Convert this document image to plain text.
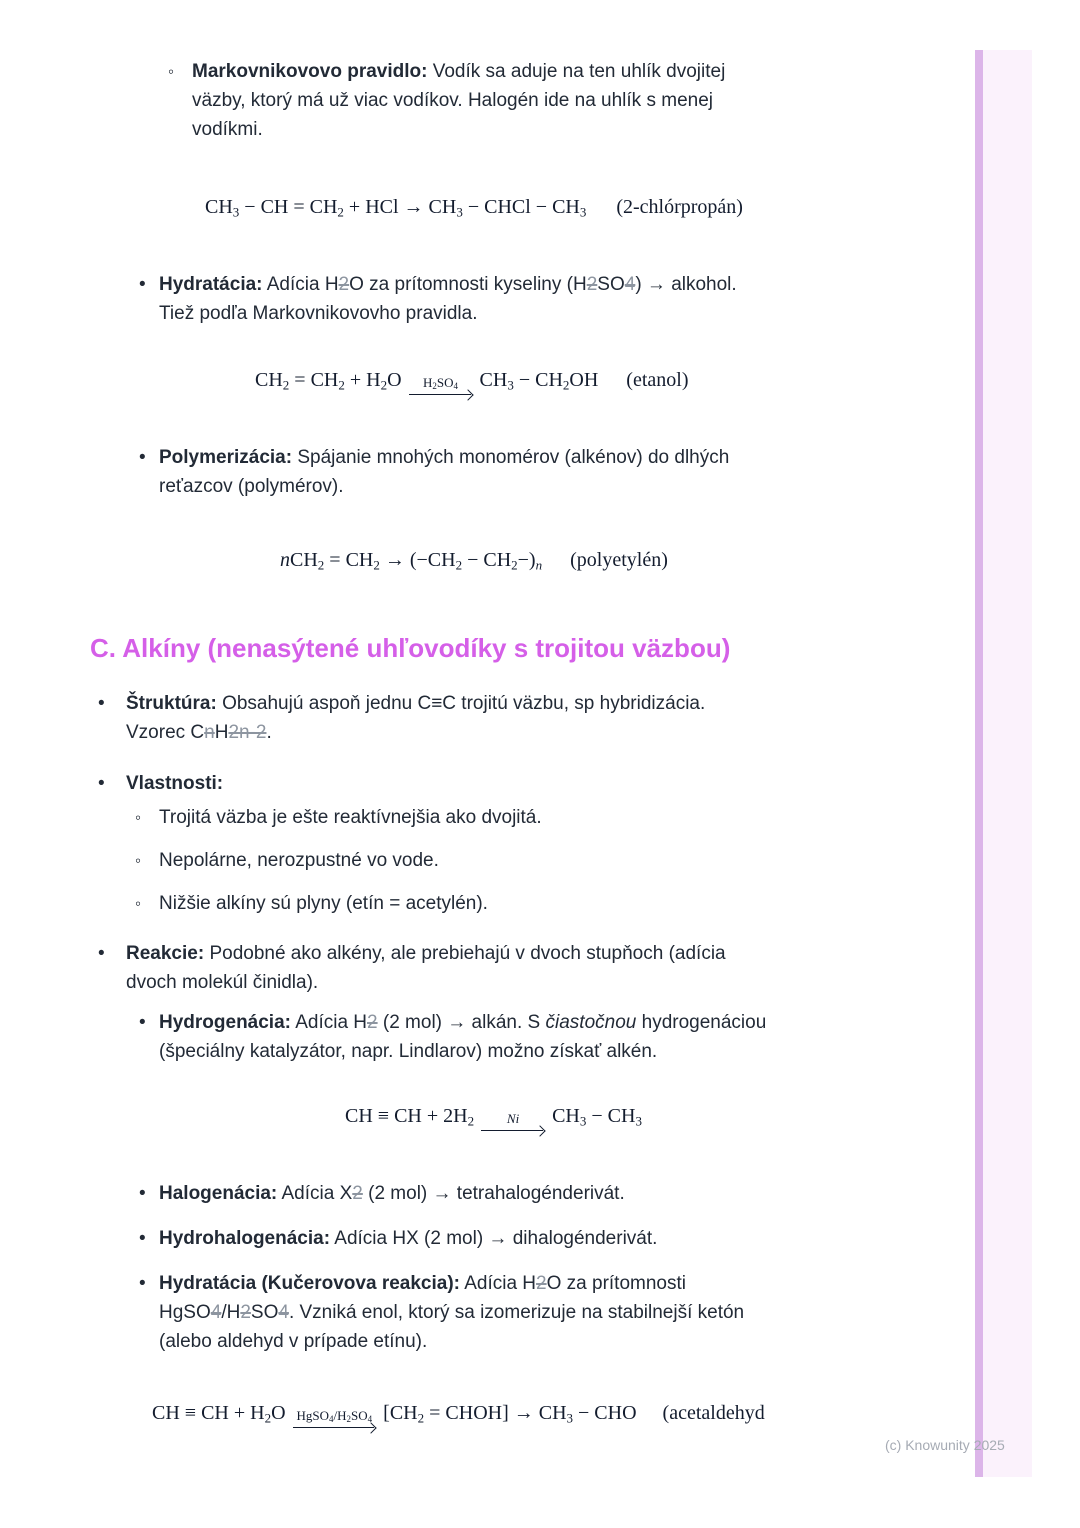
◦ Markovnikovovo pravidlo: Vodík sa aduje na ten uhlík dvojitej
väzby, ktorý má už viac vodíkov. Halogén ide na uhlík s menej
vodíkmi.
$CH_3$ − CH = $CH_2$ + HCl → $CH_3$ − CHCl − $CH_3$ (2-chlórpropán)
• Hydratácia: Adícia H2O za prítomnosti kyseliny (H2SO4) → alkohol.
Tiež podľa Markovnikovovho pravidla.
$CH_2 = CH_2 + H_2O$	$H_2SO_4$ $CH_3 - CH_2OH$ (etanol)
• Polymerizácia: Spájanie mnohých monomérov (alkénov) do dlhých
reťazcov (polymérov).
$nCH_2 = CH_2 \to (-CH_2 - CH_2-)_n$ (polyetylén)
C. Alkíny (nenasýtené uhľovodíky s trojitou väzbou)
• Štruktúra: Obsahujú aspoň jednu C≡C trojitú väzbu, sp hybridizácia.
Vzorec CnH2n-2.
• Vlastnosti:
◦ Trojitá väzba je ešte reaktívnejšia ako dvojitá.
◦ Nepolárne, nerozpustné vo vode.
◦ Nižšie alkíny sú plyny (etín = acetylén).
• Reakcie: Podobné ako alkény, ale prebiehajú v dvoch stupňoch (adícia
dvoch molekúl činidla).
• Hydrogenácia: Adícia H2 (2 mol) → alkán. S čiastočnou hydrogenáciou
(špeciálny katalyzátor, napr. Lindlarov) možno získať alkén.
CH ≡ CH + $2H_2$	Ni $CH_3 - CH_3$
• Halogenácia: Adícia X2 (2 mol) → tetrahalogénderivát.
• Hydrohalogenácia: Adícia HX (2 mol) → dihalogénderivát.
• Hydratácia (Kučerovova reakcia): Adícia H2O za prítomnosti
HgSO4/H2SO4. Vzniká enol, ktorý sa izomerizuje na stabilnejší ketón
(alebo aldehyd v prípade etínu).
CH ≡ CH + $H_2O$ $HgSO_4/H_2SO_4$ [$CH_2$ = CHOH] → $CH_3$ − CHO (acetaldehyd
(c) Knowunity 2025
